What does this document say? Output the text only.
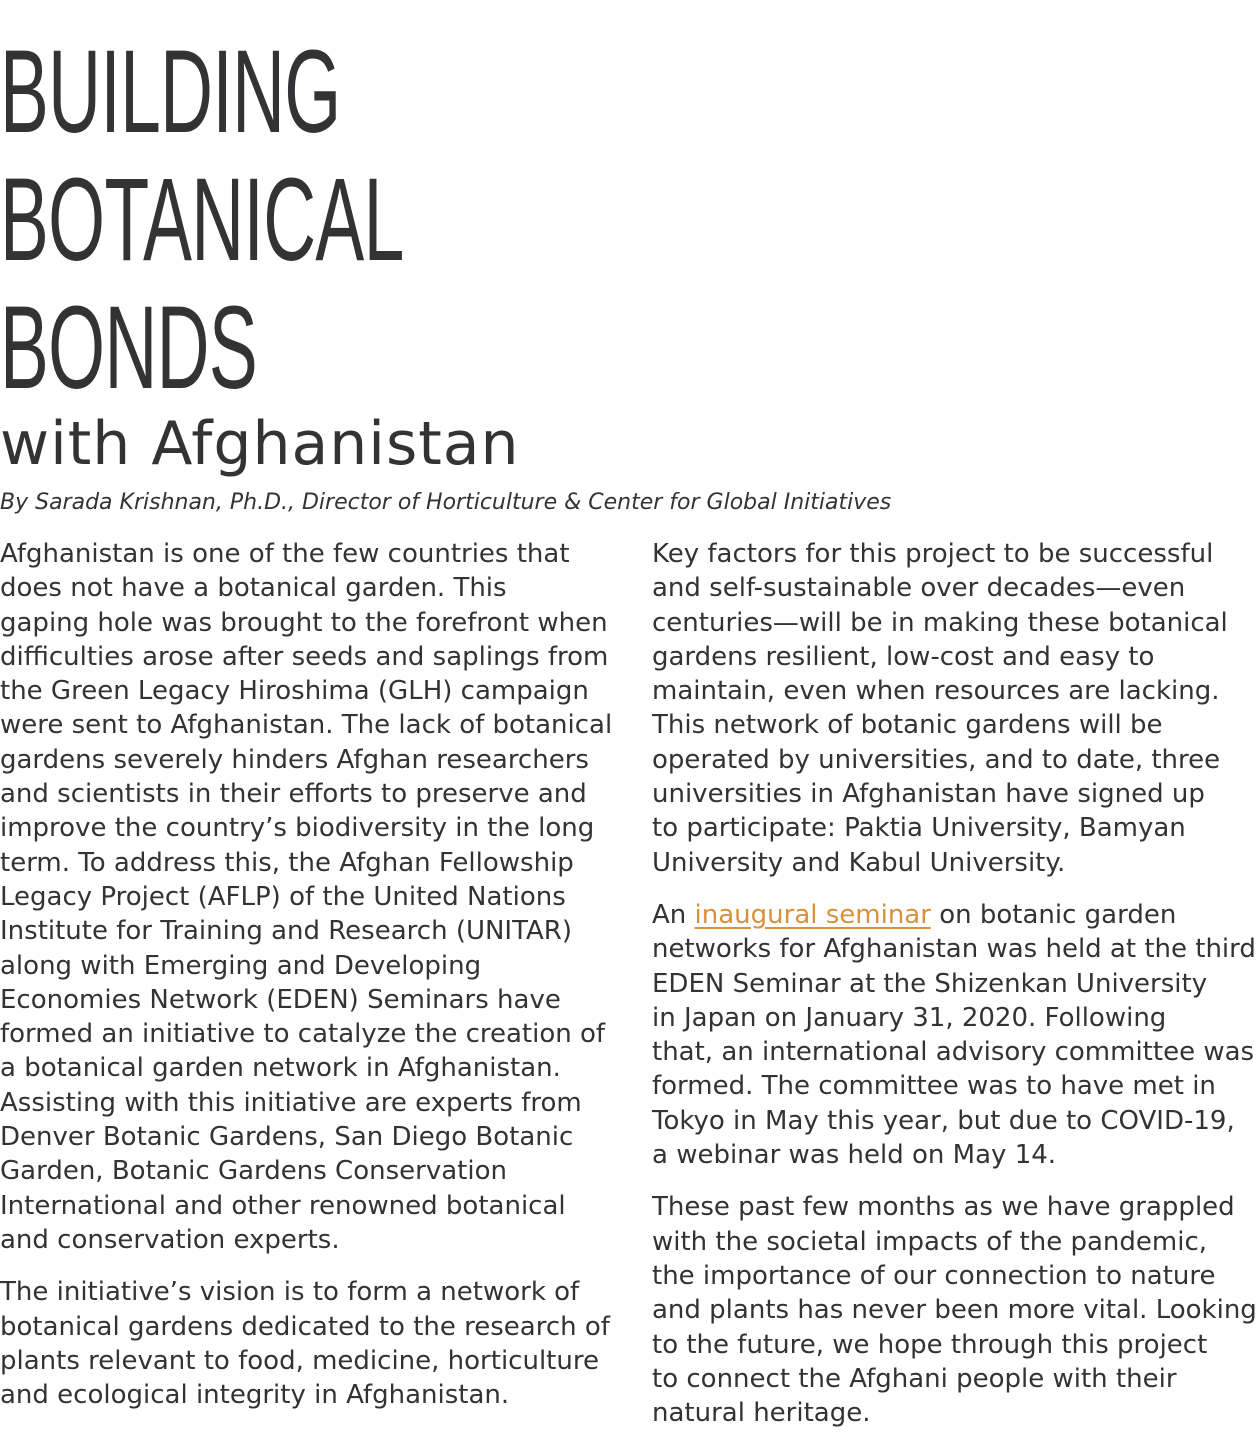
BUILDING
BOTANICAL
BONDS
with Afghanistan
By Sarada Krishnan, Ph.D., Director of Horticulture & Center for Global Initiatives

Afghanistan is one of the few countries that
does not have a botanical garden. This
gaping hole was brought to the forefront when
difficulties arose after seeds and saplings from
the Green Legacy Hiroshima (GLH) campaign
were sent to Afghanistan. The lack of botanical
gardens severely hinders Afghan researchers
and scientists in their efforts to preserve and
improve the country’s biodiversity in the long
term. To address this, the Afghan Fellowship
Legacy Project (AFLP) of the United Nations
Institute for Training and Research (UNITAR)
along with Emerging and Developing
Economies Network (EDEN) Seminars have
formed an initiative to catalyze the creation of
a botanical garden network in Afghanistan.
Assisting with this initiative are experts from
Denver Botanic Gardens, San Diego Botanic
Garden, Botanic Gardens Conservation
International and other renowned botanical
and conservation experts.

The initiative’s vision is to form a network of
botanical gardens dedicated to the research of
plants relevant to food, medicine, horticulture
and ecological integrity in Afghanistan.

Key factors for this project to be successful
and self-sustainable over decades—even
centuries—will be in making these botanical
gardens resilient, low-cost and easy to
maintain, even when resources are lacking.
This network of botanic gardens will be
operated by universities, and to date, three
universities in Afghanistan have signed up
to participate: Paktia University, Bamyan
University and Kabul University.

An inaugural seminar on botanic garden
networks for Afghanistan was held at the third
EDEN Seminar at the Shizenkan University
in Japan on January 31, 2020. Following
that, an international advisory committee was
formed. The committee was to have met in
Tokyo in May this year, but due to COVID-19,
a webinar was held on May 14.

These past few months as we have grappled
with the societal impacts of the pandemic,
the importance of our connection to nature
and plants has never been more vital. Looking
to the future, we hope through this project
to connect the Afghani people with their
natural heritage.
